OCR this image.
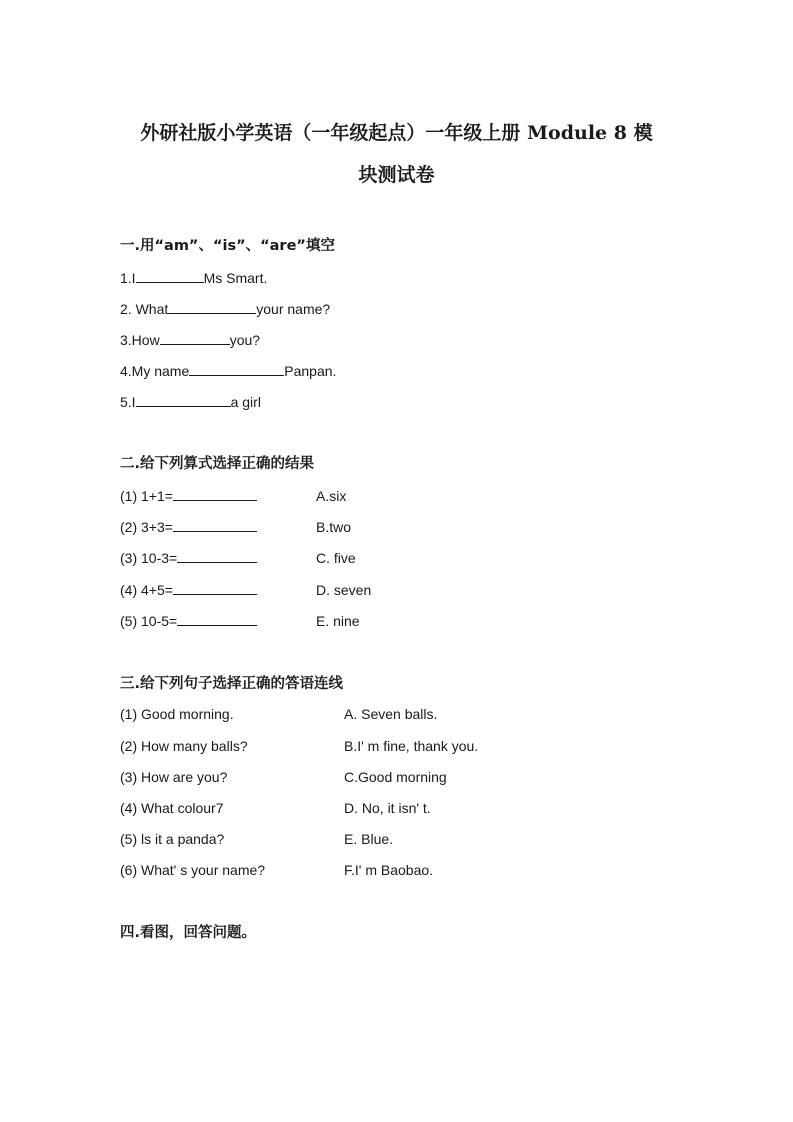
外研社版小学英语（一年级起点）一年级上册 Module 8 模
块测试卷
一.用“am”、“is”、“are”填空
1.I	Ms Smart.
2. What	your name?
3.How	you?
4.My name	Panpan.
5.I	a girl
二.给下列算式选择正确的结果
(1) 1+1=	A.six
(2) 3+3=	B.two
(3) 10-3=	C. five
(4) 4+5=	D. seven
(5) 10-5=	E. nine
三.给下列句子选择正确的答语连线
(1) Good morning.	A. Seven balls.
(2) How many balls?	B.I' m fine, thank you.
(3) How are you?	C.Good morning
(4) What colour7	D. No, it isn' t.
(5) ls it a panda?	E. Blue.
(6) What' s your name?	F.I' m Baobao.
四.看图，回答问题。
